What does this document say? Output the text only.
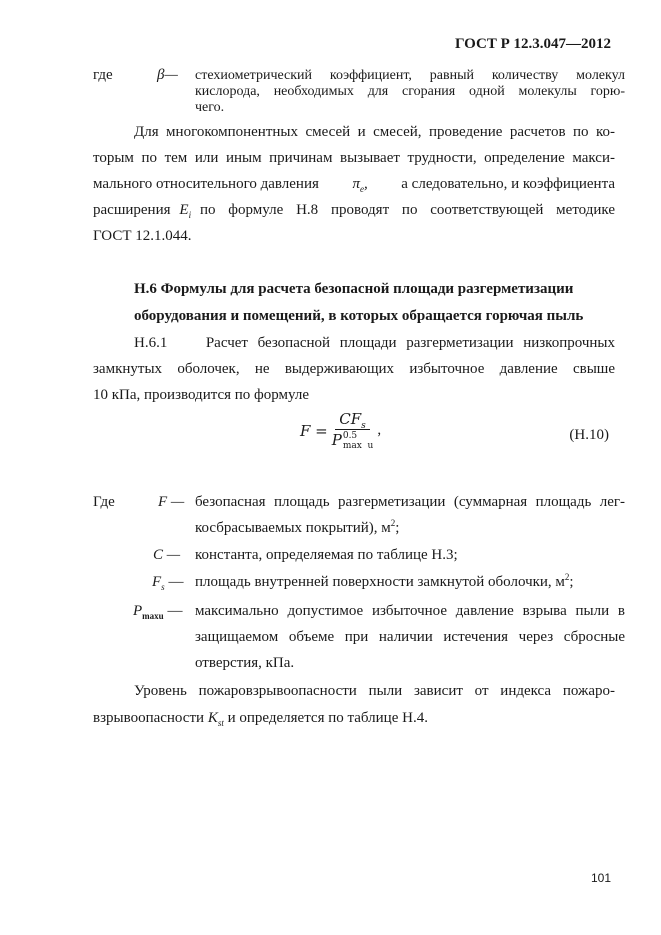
ГОСТ Р 12.3.047—2012
где	β— стехиометрический коэффициент, равный количеству молекул
кислорода, необходимых для сгорания одной молекулы горю-
чего.
Для многокомпонентных смесей и смесей, проведение расчетов по ко-
торым по тем или иным причинам вызывает трудности, определение макси-
мального относительного давления $\pi_e$, а следовательно, и коэффициента
расширения $E_i$ по формуле Н.8 проводят по соответствующей методике
ГОСТ 12.1.044.
Н.6 Формулы для расчета безопасной площади разгерметизации
оборудования и помещений, в которых обращается горючая пыль
Н.6.1    Расчет безопасной площади разгерметизации низкопрочных
замкнутых оболочек, не выдерживающих избыточное давление свыше
10 кПа, производится по формуле
$F = CF_s$
P 0.5
max  u ,	(Н.10)
Где	F — безопасная площадь разгерметизации (суммарная площадь лег-
косбрасываемых покрытий), $м^2$;
C — константа, определяемая по таблице Н.3;
$F_s$ — площадь внутренней поверхности замкнутой оболочки, $м^2$;
$P_{maxu}$ — максимально допустимое избыточное давление взрыва пыли в
защищаемом объеме при наличии истечения через сбросные
отверстия, кПа.
Уровень пожаровзрывоопасности пыли зависит от индекса пожаро-
взрывоопасности $K_{st}$ и определяется по таблице Н.4.
101
